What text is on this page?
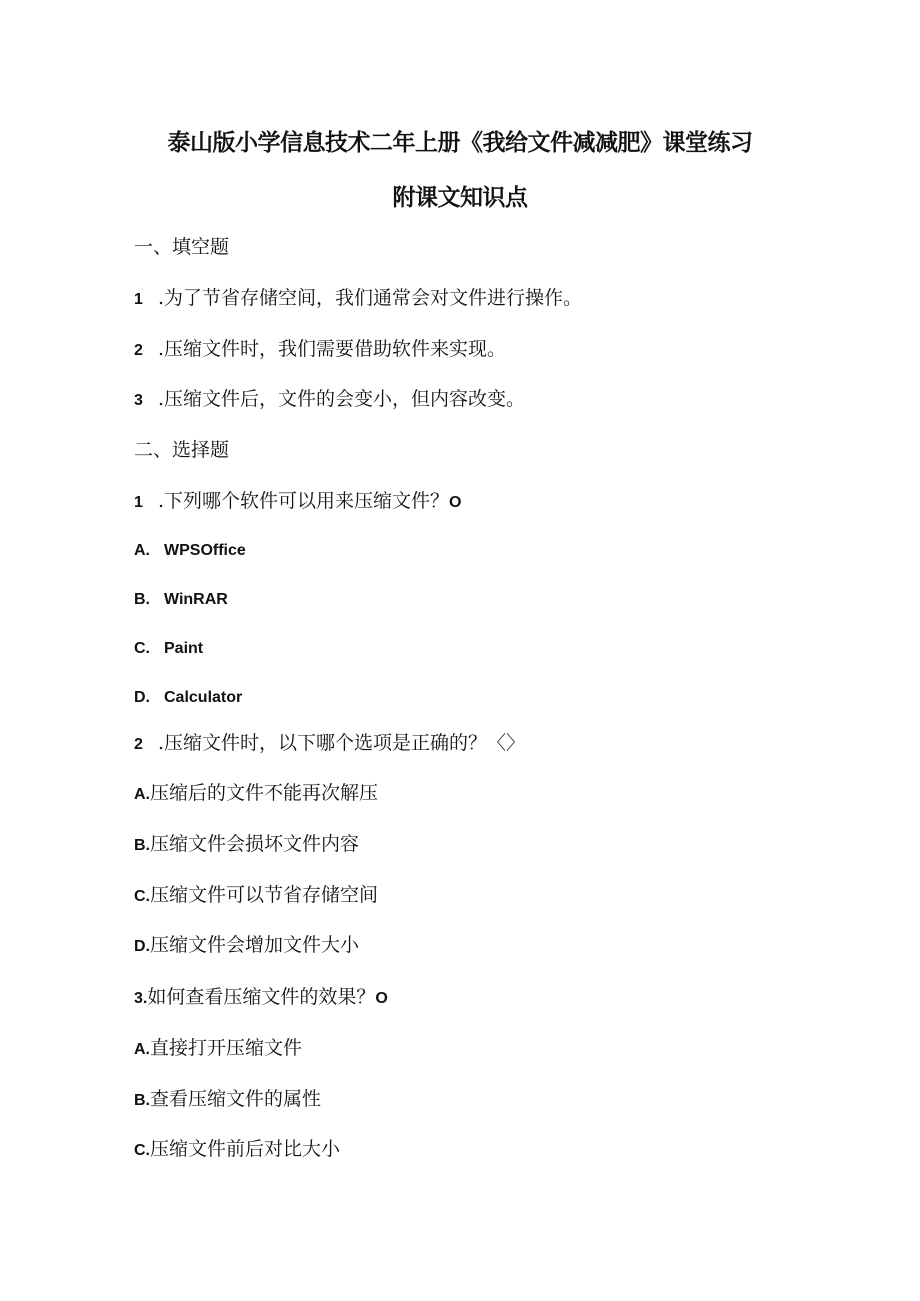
泰山版小学信息技术二年上册《我给文件减减肥》课堂练习
附课文知识点
一、填空题
1 .为了节省存储空间，我们通常会对文件进行操作。
2 .压缩文件时，我们需要借助软件来实现。
3 .压缩文件后，文件的会变小，但内容改变。
二、选择题
1 .下列哪个软件可以用来压缩文件？O
A. WPSOffice
B. WinRAR
C. Paint
D. Calculator
2 .压缩文件时，以下哪个选项是正确的？〈〉
A.压缩后的文件不能再次解压
B.压缩文件会损坏文件内容
C.压缩文件可以节省存储空间
D.压缩文件会增加文件大小
3.如何查看压缩文件的效果？O
A.直接打开压缩文件
B.查看压缩文件的属性
C.压缩文件前后对比大小
